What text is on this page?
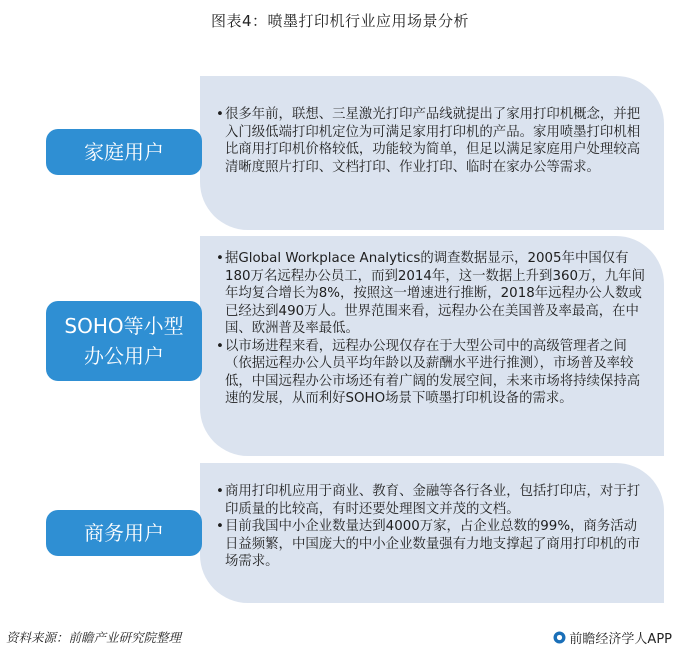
图表4：喷墨打印机行业应用场景分析

• 很多年前，联想、三星激光打印产品线就提出了家用打印机概念，并把入门级低端打印机定位为可满足家用打印机的产品。家用喷墨打印机相比商用打印机价格较低，功能较为简单，但足以满足家庭用户处理较高清晰度照片打印、文档打印、作业打印、临时在家办公等需求。

家庭用户

• 据Global Workplace Analytics的调查数据显示，2005年中国仅有180万名远程办公员工，而到2014年，这一数据上升到360万，九年间年均复合增长为8%，按照这一增速进行推断，2018年远程办公人数或已经达到490万人。世界范围来看，远程办公在美国普及率最高，在中国、欧洲普及率最低。

• 以市场进程来看，远程办公现仅存在于大型公司中的高级管理者之间（依据远程办公人员平均年龄以及薪酬水平进行推测），市场普及率较低，中国远程办公市场还有着广阔的发展空间，未来市场将持续保持高速的发展，从而利好SOHO场景下喷墨打印机设备的需求。

SOHO等小型办公用户

• 商用打印机应用于商业、教育、金融等各行各业，包括打印店，对于打印质量的比较高，有时还要处理图文并茂的文档。

• 目前我国中小企业数量达到4000万家，占企业总数的99%，商务活动日益频繁，中国庞大的中小企业数量强有力地支撑起了商用打印机的市场需求。

商务用户
资料来源：前瞻产业研究院整理	前瞻经济学人APP
